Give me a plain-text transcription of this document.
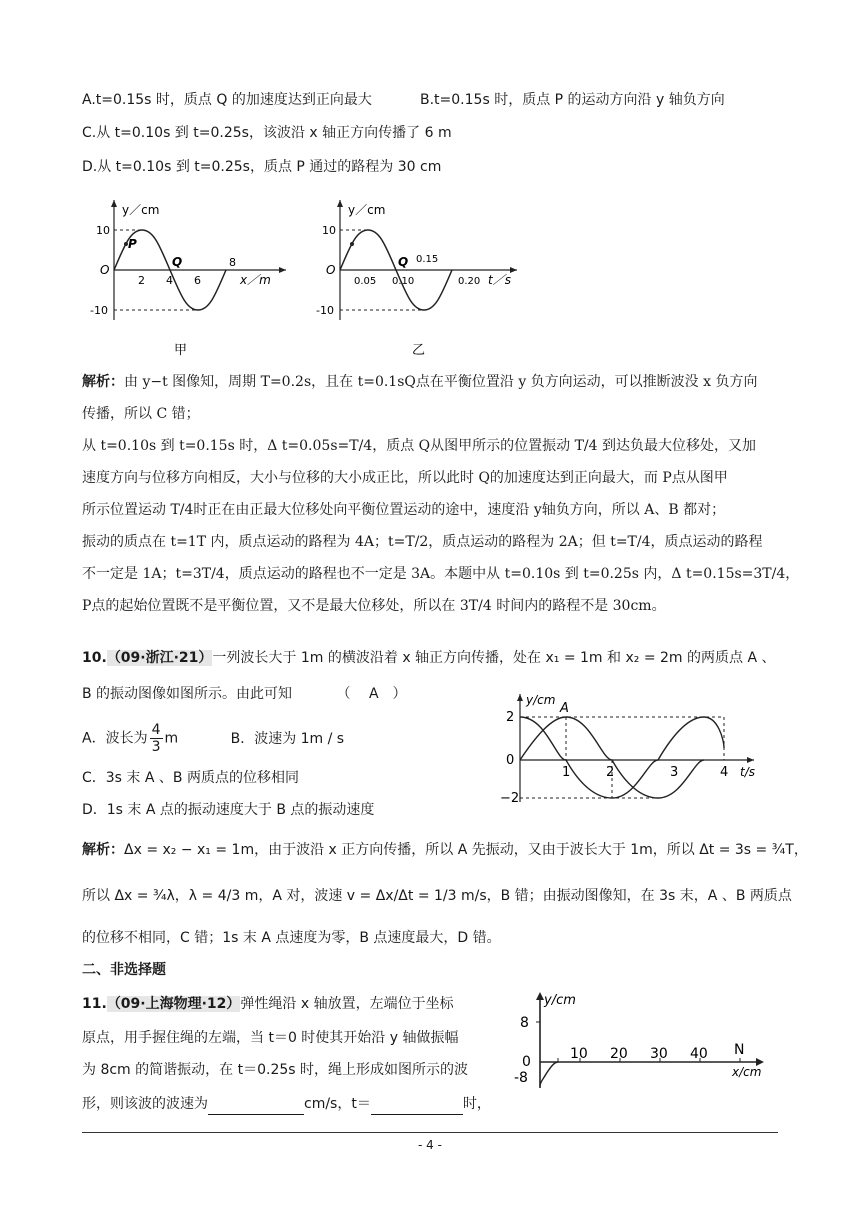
A.t=0.15s 时，质点 Q 的加速度达到正向最大	B.t=0.15s 时，质点 P 的运动方向沿 y 轴负方向
C.从 t=0.10s 到 t=0.25s，该波沿 x 轴正方向传播了 6 m
D.从 t=0.10s 到 t=0.25s，质点 P 通过的路程为 30 cm
y／cm
O
10
-10
2 4 6
8
x／m
P
Q
甲
y／cm
O
10
-10
0.05 0.10
0.15
0.20 t／s
Q
乙
解析：由 y−t 图像知，周期 T=0.2s，且在 t=0.1sQ点在平衡位置沿 y 负方向运动，可以推断波没 x 负方向
传播，所以 C 错；
从 t=0.10s 到 t=0.15s 时，Δ t=0.05s=T/4，质点 Q从图甲所示的位置振动 T/4 到达负最大位移处，又加
速度方向与位移方向相反，大小与位移的大小成正比，所以此时 Q的加速度达到正向最大，而 P点从图甲
所示位置运动 T/4时正在由正最大位移处向平衡位置运动的途中，速度沿 y轴负方向，所以 A、B 都对；
振动的质点在 t=1T 内，质点运动的路程为 4A；t=T/2，质点运动的路程为 2A；但 t=T/4，质点运动的路程
不一定是 1A；t=3T/4，质点运动的路程也不一定是 3A。本题中从 t=0.10s 到 t=0.25s 内，Δ t=0.15s=3T/4，
P点的起始位置既不是平衡位置，又不是最大位移处，所以在 3T/4 时间内的路程不是 30cm。
10.（09·浙江·21）一列波长大于 1m 的横波沿着 x 轴正方向传播，处在 x₁ = 1m 和 x₂ = 2m 的两质点 A 、
B 的振动图像如图所示。由此可知	（　 A　）
A．波长为 $\frac{4}{3}$ m	B．波速为 1m / s
C．3s 末 A 、B 两质点的位移相同
D．1s 末 A 点的振动速度大于 B 点的振动速度
y/cm
A
2
0
−2
1	2	3	4 t/s
解析：Δx = x₂ − x₁ = 1m，由于波沿 x 正方向传播，所以 A 先振动，又由于波长大于 1m，所以 Δt = 3s = ¾T，
所以 Δx = ¾λ，λ = 4/3 m，A 对，波速 v = Δx/Δt = 1/3 m/s，B 错；由振动图像知，在 3s 末，A 、B 两质点
的位移不相同，C 错；1s 末 A 点速度为零，B 点速度最大，D 错。
二、非选择题
11.（09·上海物理·12）弹性绳沿 x 轴放置，左端位于坐标
原点，用手握住绳的左端，当 t＝0 时使其开始沿 y 轴做振幅
为 8cm 的简谐振动，在 t＝0.25s 时，绳上形成如图所示的波
形，则该波的波速为	cm/s，t＝	时，
y/cm
8
0
-8
10 20 30 40 N
x/cm
- 4 -
